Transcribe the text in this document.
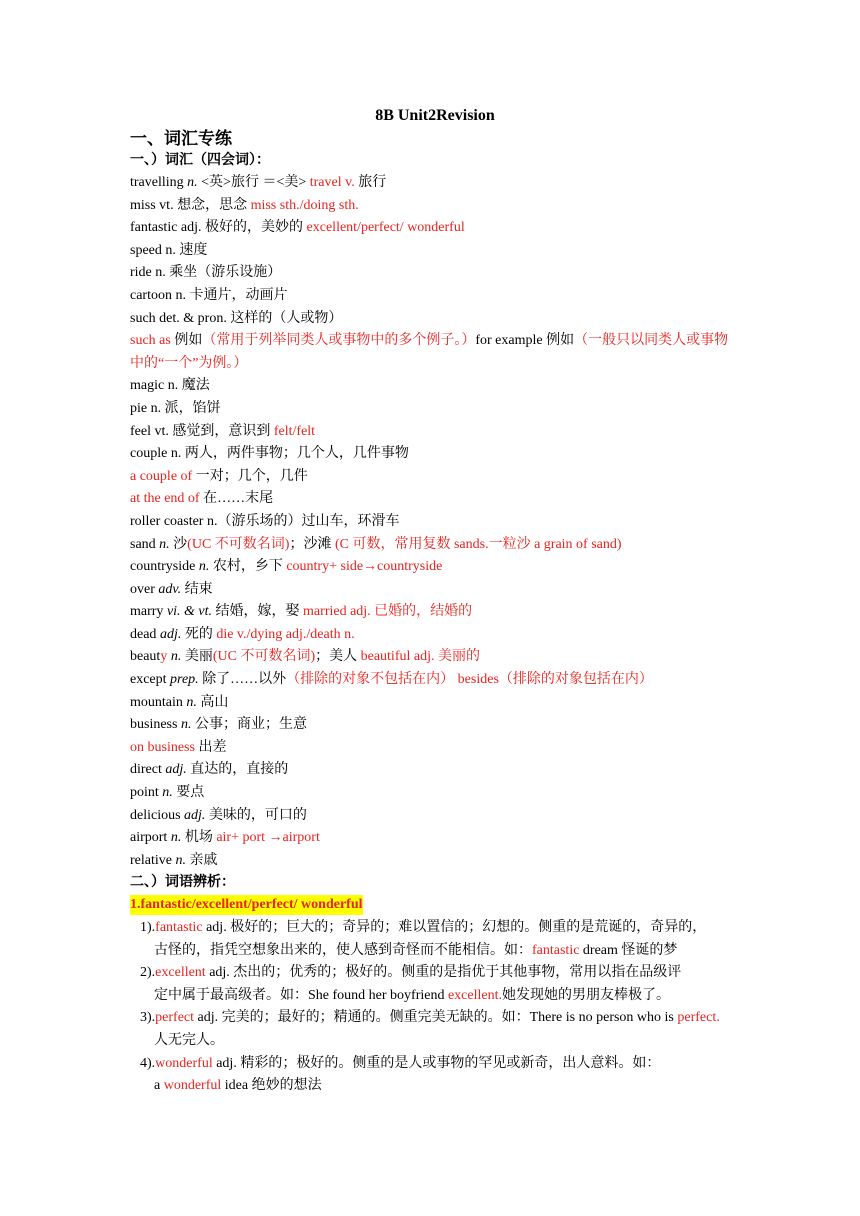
8B Unit2Revision
一、词汇专练
一、）词汇（四会词）：
travelling n. <英>旅行 ＝<美> travel v. 旅行
miss vt. 想念，思念 miss sth./doing sth.
fantastic adj. 极好的，美妙的 excellent/perfect/ wonderful
speed n. 速度
ride n. 乘坐（游乐设施）
cartoon n. 卡通片，动画片
such det. & pron. 这样的（人或物）
such as 例如（常用于列举同类人或事物中的多个例子。）for example 例如（一般只以同类人或事物中的“一个”为例。）
magic n. 魔法
pie n. 派，馅饼
feel vt. 感觉到，意识到 felt/felt
couple n. 两人，两件事物；几个人，几件事物
a couple of 一对；几个，几件
at the end of 在……末尾
roller coaster n.（游乐场的）过山车，环滑车
sand n. 沙(UC 不可数名词)；沙滩 (C 可数，常用复数 sands.一粒沙 a grain of sand)
countryside n. 农村，乡下 country+ side→countryside
over adv. 结束
marry vi. & vt. 结婚，嫁，娶 married adj. 已婚的，结婚的
dead adj. 死的 die v./dying adj./death n.
beauty n. 美丽(UC 不可数名词)；美人 beautiful adj. 美丽的
except prep. 除了……以外（排除的对象不包括在内） besides（排除的对象包括在内）
mountain n. 高山
business n. 公事；商业；生意
on business 出差
direct adj. 直达的，直接的
point n. 要点
delicious adj. 美味的，可口的
airport n. 机场 air+ port →airport
relative n. 亲戚
二、）词语辨析：
1.fantastic/excellent/perfect/ wonderful
1).fantastic adj. 极好的；巨大的；奇异的；难以置信的；幻想的。侧重的是荒诞的，奇异的，
古怪的，指凭空想象出来的，使人感到奇怪而不能相信。如：fantastic dream 怪诞的梦
2).excellent adj. 杰出的；优秀的；极好的。侧重的是指优于其他事物，常用以指在品级评
定中属于最高级者。如：She found her boyfriend excellent.她发现她的男朋友棒极了。
3).perfect adj. 完美的；最好的；精通的。侧重完美无缺的。如：There is no person who is perfect.
人无完人。
4).wonderful adj. 精彩的；极好的。侧重的是人或事物的罕见或新奇，出人意料。如：
a wonderful idea 绝妙的想法
